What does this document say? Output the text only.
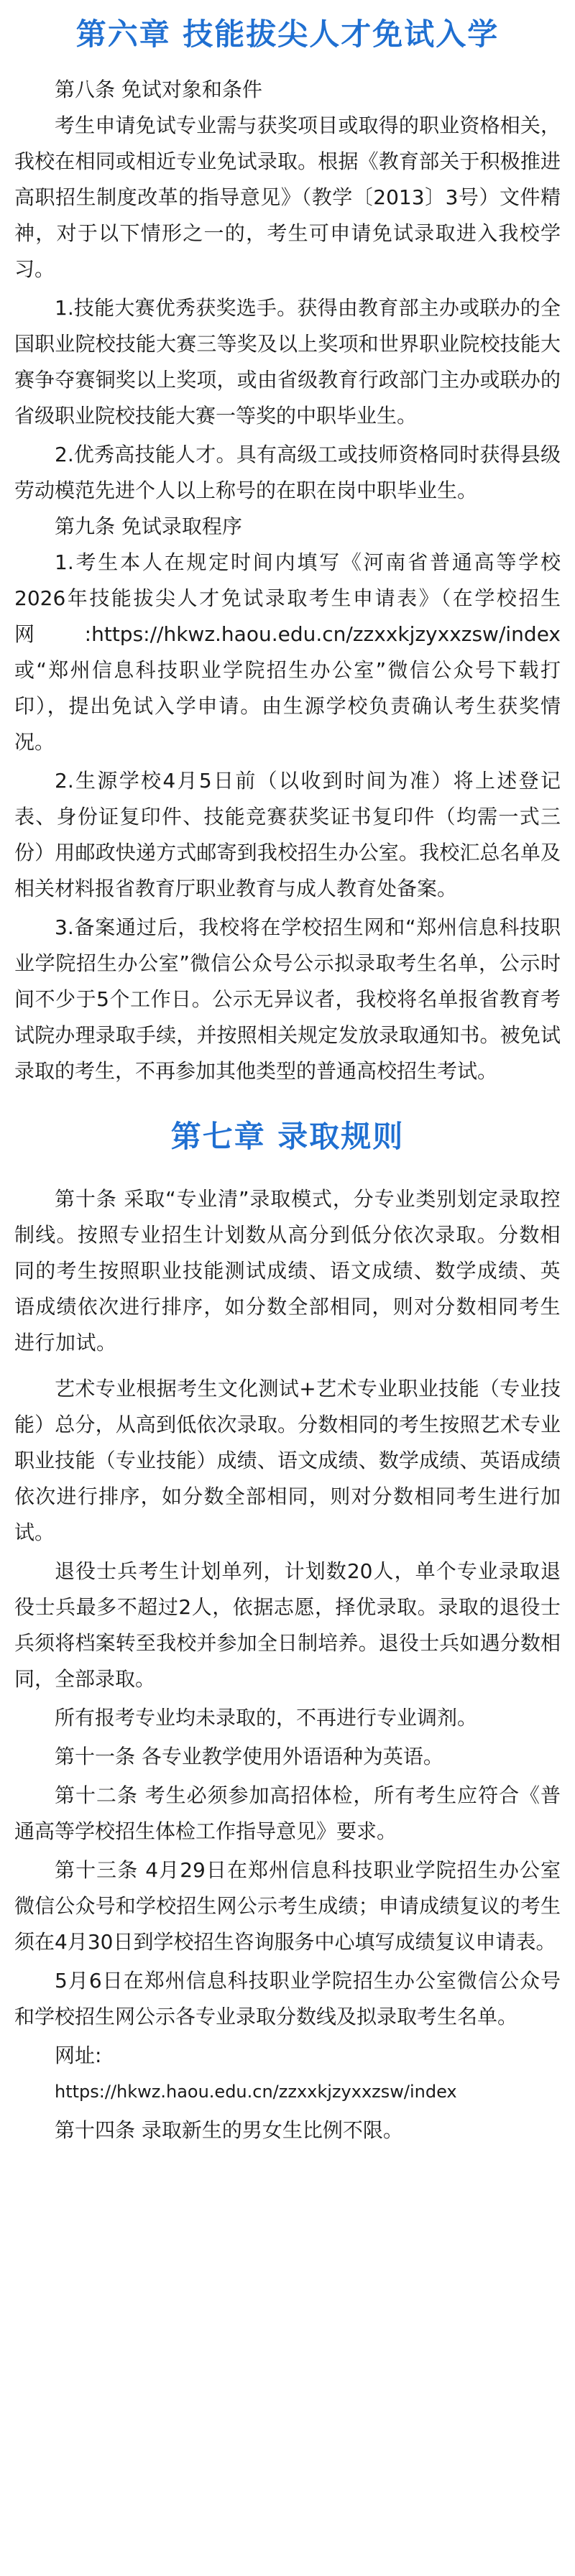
第六章 技能拔尖人才免试入学

第八条 免试对象和条件

考生申请免试专业需与获奖项目或取得的职业资格相关，我校在相同或相近专业免试录取。根据《教育部关于积极推进高职招生制度改革的指导意见》（教学〔2013〕3号）文件精神，对于以下情形之一的，考生可申请免试录取进入我校学习。

1.技能大赛优秀获奖选手。获得由教育部主办或联办的全国职业院校技能大赛三等奖及以上奖项和世界职业院校技能大赛争夺赛铜奖以上奖项，或由省级教育行政部门主办或联办的省级职业院校技能大赛一等奖的中职毕业生。

2.优秀高技能人才。具有高级工或技师资格同时获得县级劳动模范先进个人以上称号的在职在岗中职毕业生。

第九条 免试录取程序

1.考生本人在规定时间内填写《河南省普通高等学校 2026年技能拔尖人才免试录取考生申请表》（在学校招生网:https://hkwz.haou.edu.cn/zzxxkjzyxxzsw/index或“郑州信息科技职业学院招生办公室”微信公众号下载打印），提出免试入学申请。由生源学校负责确认考生获奖情况。

2.生源学校4月5日前（以收到时间为准）将上述登记表、身份证复印件、技能竞赛获奖证书复印件（均需一式三份）用邮政快递方式邮寄到我校招生办公室。我校汇总名单及相关材料报省教育厅职业教育与成人教育处备案。

3.备案通过后，我校将在学校招生网和“郑州信息科技职业学院招生办公室”微信公众号公示拟录取考生名单，公示时间不少于5个工作日。公示无异议者，我校将名单报省教育考试院办理录取手续，并按照相关规定发放录取通知书。被免试录取的考生，不再参加其他类型的普通高校招生考试。

第七章 录取规则

第十条 采取“专业清”录取模式，分专业类别划定录取控制线。按照专业招生计划数从高分到低分依次录取。分数相同的考生按照职业技能测试成绩、语文成绩、数学成绩、英语成绩依次进行排序，如分数全部相同，则对分数相同考生进行加试。

艺术专业根据考生文化测试+艺术专业职业技能（专业技能）总分，从高到低依次录取。分数相同的考生按照艺术专业职业技能（专业技能）成绩、语文成绩、数学成绩、英语成绩依次进行排序，如分数全部相同，则对分数相同考生进行加试。

退役士兵考生计划单列，计划数20人，单个专业录取退役士兵最多不超过2人，依据志愿，择优录取。录取的退役士兵须将档案转至我校并参加全日制培养。退役士兵如遇分数相同，全部录取。

所有报考专业均未录取的，不再进行专业调剂。

第十一条 各专业教学使用外语语种为英语。

第十二条 考生必须参加高招体检，所有考生应符合《普通高等学校招生体检工作指导意见》要求。

第十三条 4月29日在郑州信息科技职业学院招生办公室微信公众号和学校招生网公示考生成绩；申请成绩复议的考生须在4月30日到学校招生咨询服务中心填写成绩复议申请表。

5月6日在郑州信息科技职业学院招生办公室微信公众号和学校招生网公示各专业录取分数线及拟录取考生名单。

网址:

https://hkwz.haou.edu.cn/zzxxkjzyxxzsw/index

第十四条 录取新生的男女生比例不限。
